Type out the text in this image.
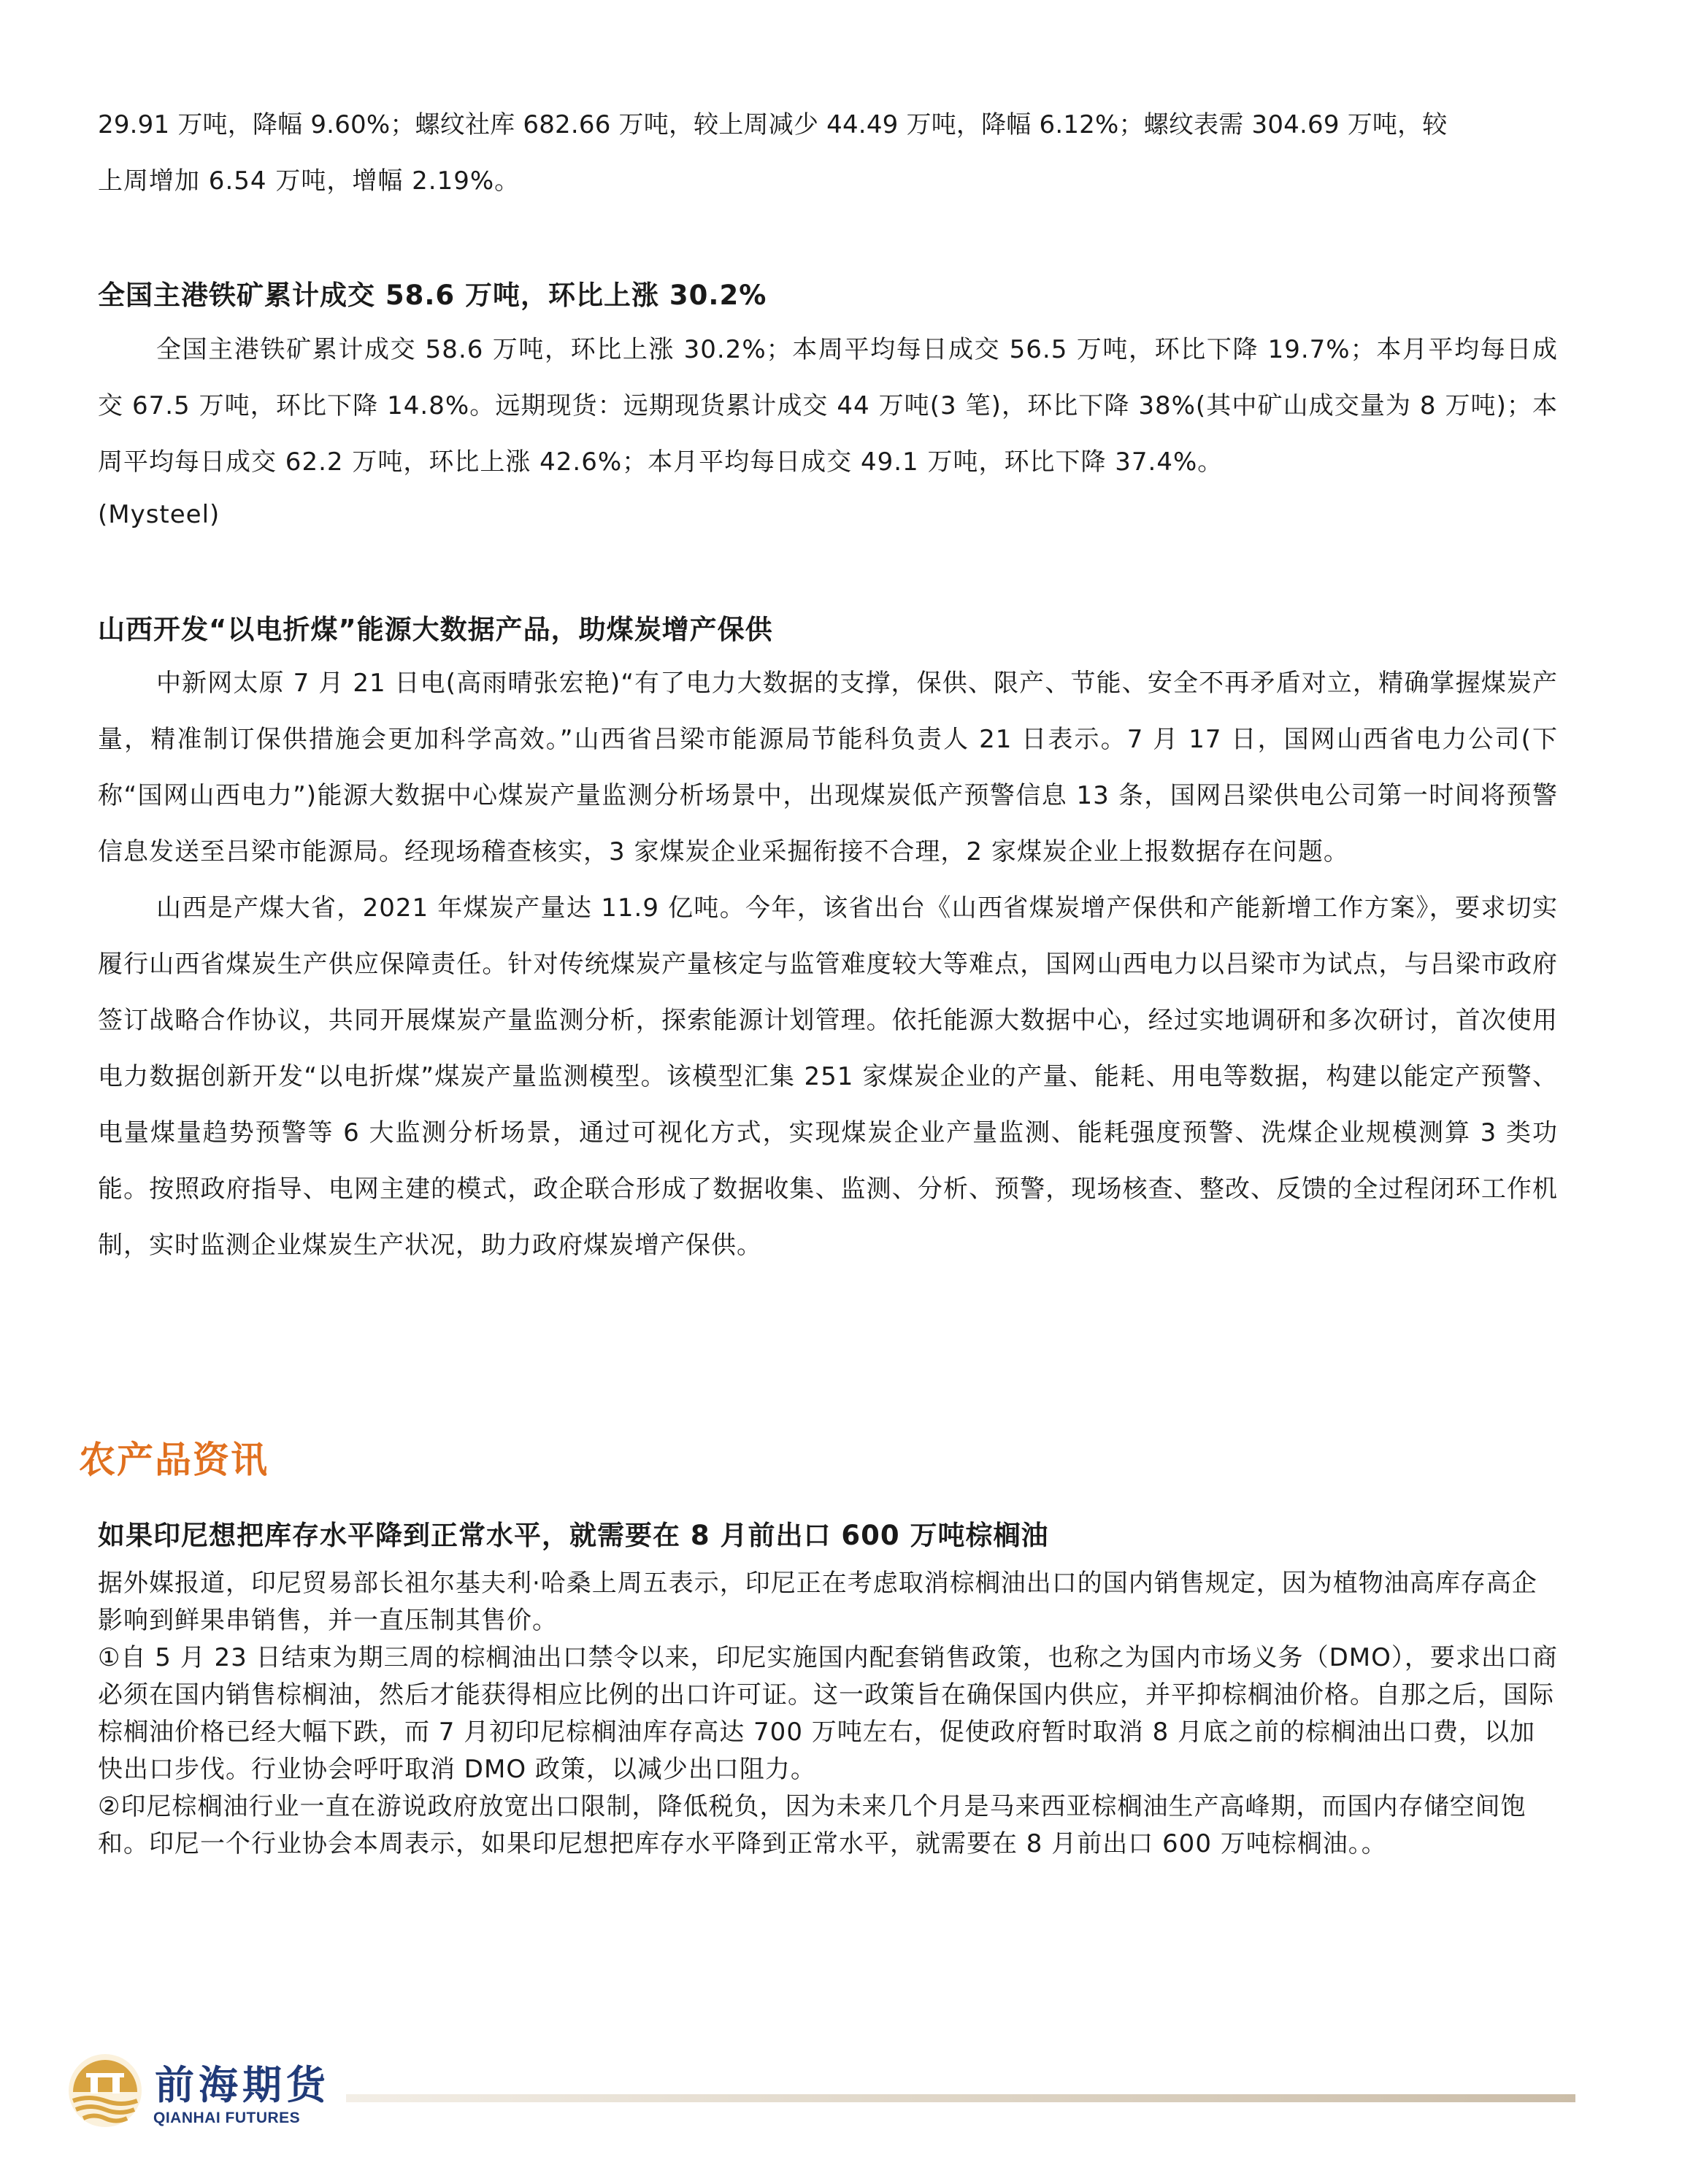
29.91 万吨，降幅 9.60%；螺纹社库 682.66 万吨，较上周减少 44.49 万吨，降幅 6.12%；螺纹表需 304.69 万吨，较

上周增加 6.54 万吨，增幅 2.19%。

全国主港铁矿累计成交 58.6 万吨，环比上涨 30.2%

全国主港铁矿累计成交 58.6 万吨，环比上涨 30.2%；本周平均每日成交 56.5 万吨，环比下降 19.7%；本月平均每日成交 67.5 万吨，环比下降 14.8%。远期现货：远期现货累计成交 44 万吨(3 笔)，环比下降 38%(其中矿山成交量为 8 万吨)；本周平均每日成交 62.2 万吨，环比上涨 42.6%；本月平均每日成交 49.1 万吨，环比下降 37.4%。

(Mysteel)

山西开发“以电折煤”能源大数据产品，助煤炭增产保供

中新网太原 7 月 21 日电(高雨晴张宏艳)“有了电力大数据的支撑，保供、限产、节能、安全不再矛盾对立，精确掌握煤炭产量，精准制订保供措施会更加科学高效。”山西省吕梁市能源局节能科负责人 21 日表示。7 月 17 日，国网山西省电力公司(下称“国网山西电力”)能源大数据中心煤炭产量监测分析场景中，出现煤炭低产预警信息 13 条，国网吕梁供电公司第一时间将预警信息发送至吕梁市能源局。经现场稽查核实，3 家煤炭企业采掘衔接不合理，2 家煤炭企业上报数据存在问题。

山西是产煤大省，2021 年煤炭产量达 11.9 亿吨。今年，该省出台《山西省煤炭增产保供和产能新增工作方案》，要求切实履行山西省煤炭生产供应保障责任。针对传统煤炭产量核定与监管难度较大等难点，国网山西电力以吕梁市为试点，与吕梁市政府签订战略合作协议，共同开展煤炭产量监测分析，探索能源计划管理。依托能源大数据中心，经过实地调研和多次研讨，首次使用电力数据创新开发“以电折煤”煤炭产量监测模型。该模型汇集 251 家煤炭企业的产量、能耗、用电等数据，构建以能定产预警、电量煤量趋势预警等 6 大监测分析场景，通过可视化方式，实现煤炭企业产量监测、能耗强度预警、洗煤企业规模测算 3 类功能。按照政府指导、电网主建的模式，政企联合形成了数据收集、监测、分析、预警，现场核查、整改、反馈的全过程闭环工作机制，实时监测企业煤炭生产状况，助力政府煤炭增产保供。

农产品资讯
如果印尼想把库存水平降到正常水平，就需要在 8 月前出口 600 万吨棕榈油

据外媒报道，印尼贸易部长祖尔基夫利·哈桑上周五表示，印尼正在考虑取消棕榈油出口的国内销售规定，因为植物油高库存高企影响到鲜果串销售，并一直压制其售价。

①自 5 月 23 日结束为期三周的棕榈油出口禁令以来，印尼实施国内配套销售政策，也称之为国内市场义务（DMO），要求出口商必须在国内销售棕榈油，然后才能获得相应比例的出口许可证。这一政策旨在确保国内供应，并平抑棕榈油价格。自那之后，国际棕榈油价格已经大幅下跌，而 7 月初印尼棕榈油库存高达 700 万吨左右，促使政府暂时取消 8 月底之前的棕榈油出口费，以加快出口步伐。行业协会呼吁取消 DMO 政策，以减少出口阻力。

②印尼棕榈油行业一直在游说政府放宽出口限制，降低税负，因为未来几个月是马来西亚棕榈油生产高峰期，而国内存储空间饱和。印尼一个行业协会本周表示，如果印尼想把库存水平降到正常水平，就需要在 8 月前出口 600 万吨棕榈油。。

前海期货
QIANHAI FUTURES
